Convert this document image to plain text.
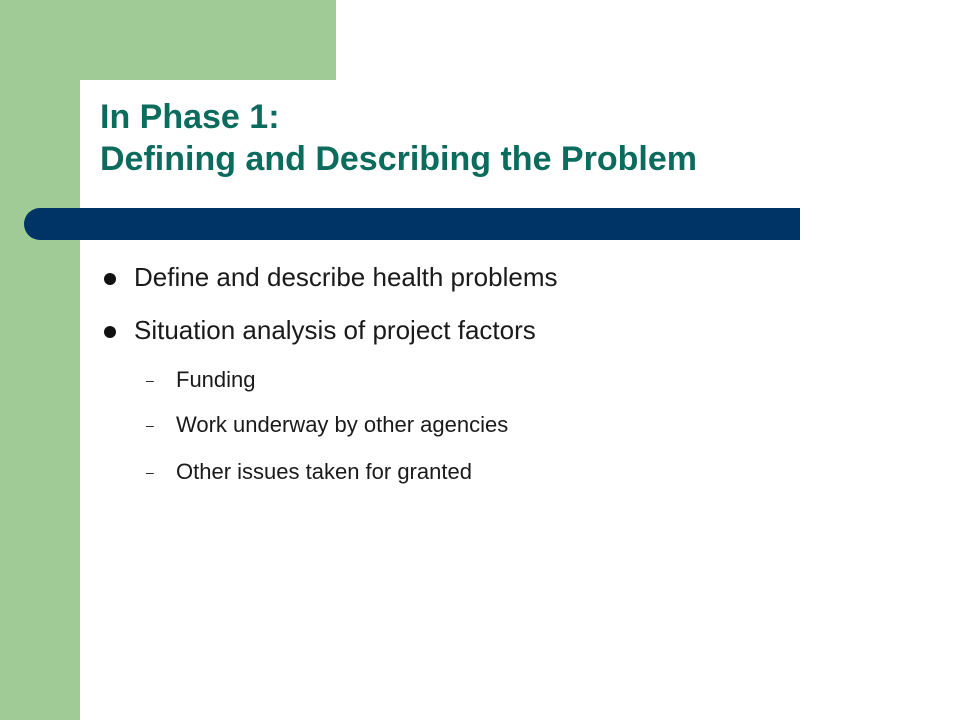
In Phase 1:
Defining and Describing the Problem
Define and describe health problems
Situation analysis of project factors
– Funding
– Work underway by other agencies
– Other issues taken for granted
